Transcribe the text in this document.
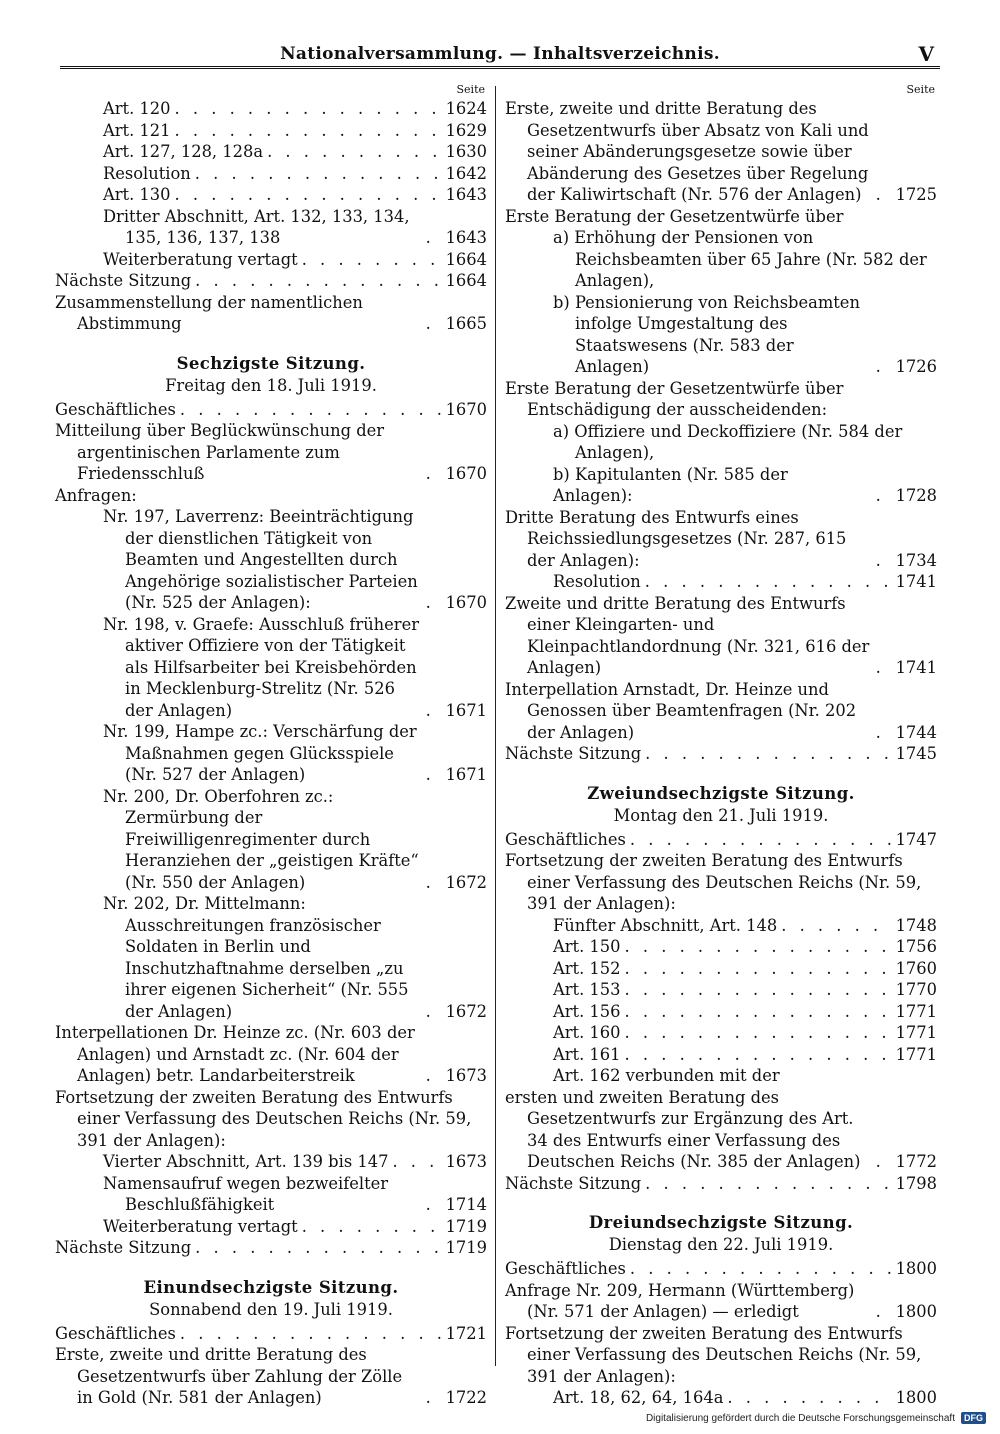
Nationalversammlung. — Inhaltsverzeichnis.	V
Seite
Art. 120 . . .	1624
Art. 121 . . .	1629
Art. 127, 128, 128a . . .	1630
Resolution . . .	1642
Art. 130 . . .	1643
Dritter Abschnitt, Art. 132, 133, 134, 135, 136, 137, 138 . . .	1643
Weiterberatung vertagt . . .	1664
Nächste Sitzung . . .	1664
Zusammenstellung der namentlichen Abstimmung . . .	1665
Sechzigste Sitzung.
Freitag den 18. Juli 1919.
Geschäftliches . . .	1670
Mitteilung über Beglückwünschung der argentinischen Parlamente zum Friedensschluß . . .	1670
Anfragen:
Nr. 197, Laverrenz: Beeinträchtigung der dienstlichen Tätigkeit von Beamten und Angestellten durch Angehörige sozialistischer Parteien (Nr. 525 der Anlagen): . . .	1670
Nr. 198, v. Graefe: Ausschluß früherer aktiver Offiziere von der Tätigkeit als Hilfsarbeiter bei Kreisbehörden in Mecklenburg-Strelitz (Nr. 526 der Anlagen) . . .	1671
Nr. 199, Hampe zc.: Verschärfung der Maßnahmen gegen Glücksspiele (Nr. 527 der Anlagen) . . .	1671
Nr. 200, Dr. Oberfohren zc.: Zermürbung der Freiwilligenregimenter durch Heranziehen der „geistigen Kräfte“ (Nr. 550 der Anlagen) . . .	1672
Nr. 202, Dr. Mittelmann: Ausschreitungen französischer Soldaten in Berlin und Inschutzhaftnahme derselben „zu ihrer eigenen Sicherheit“ (Nr. 555 der Anlagen) . . .	1672
Interpellationen Dr. Heinze zc. (Nr. 603 der Anlagen) und Arnstadt zc. (Nr. 604 der Anlagen) betr. Landarbeiterstreik . . .	1673
Fortsetzung der zweiten Beratung des Entwurfs einer Verfassung des Deutschen Reichs (Nr. 59, 391 der Anlagen):
Vierter Abschnitt, Art. 139 bis 147 . . .	1673
Namensaufruf wegen bezweifelter Beschlußfähigkeit . . .	1714
Weiterberatung vertagt . . .	1719
Nächste Sitzung . . .	1719
Einundsechzigste Sitzung.
Sonnabend den 19. Juli 1919.
Geschäftliches . . .	1721
Erste, zweite und dritte Beratung des Gesetzentwurfs über Zahlung der Zölle in Gold (Nr. 581 der Anlagen) . . .	1722
Seite
Erste, zweite und dritte Beratung des Gesetzentwurfs über Absatz von Kali und seiner Abänderungsgesetze sowie über Abänderung des Gesetzes über Regelung der Kaliwirtschaft (Nr. 576 der Anlagen) . . .	1725
Erste Beratung der Gesetzentwürfe über
a) Erhöhung der Pensionen von Reichsbeamten über 65 Jahre (Nr. 582 der Anlagen),
b) Pensionierung von Reichsbeamten infolge Umgestaltung des Staatswesens (Nr. 583 der Anlagen) . . .	1726
Erste Beratung der Gesetzentwürfe über Entschädigung der ausscheidenden:
a) Offiziere und Deckoffiziere (Nr. 584 der Anlagen),
b) Kapitulanten (Nr. 585 der Anlagen): . . .	1728
Dritte Beratung des Entwurfs eines Reichssiedlungsgesetzes (Nr. 287, 615 der Anlagen): . . .	1734
Resolution . . .	1741
Zweite und dritte Beratung des Entwurfs einer Kleingarten- und Kleinpachtlandordnung (Nr. 321, 616 der Anlagen) . . .	1741
Interpellation Arnstadt, Dr. Heinze und Genossen über Beamtenfragen (Nr. 202 der Anlagen) . . .	1744
Nächste Sitzung . . .	1745
Zweiundsechzigste Sitzung.
Montag den 21. Juli 1919.
Geschäftliches . . .	1747
Fortsetzung der zweiten Beratung des Entwurfs einer Verfassung des Deutschen Reichs (Nr. 59, 391 der Anlagen):
Fünfter Abschnitt, Art. 148 . . .	1748
Art. 150 . . .	1756
Art. 152 . . .	1760
Art. 153 . . .	1770
Art. 156 . . .	1771
Art. 160 . . .	1771
Art. 161 . . .	1771
Art. 162 verbunden mit der
ersten und zweiten Beratung des Gesetzentwurfs zur Ergänzung des Art. 34 des Entwurfs einer Verfassung des Deutschen Reichs (Nr. 385 der Anlagen) . . .	1772
Nächste Sitzung . . .	1798
Dreiundsechzigste Sitzung.
Dienstag den 22. Juli 1919.
Geschäftliches . . .	1800
Anfrage Nr. 209, Hermann (Württemberg) (Nr. 571 der Anlagen) — erledigt . . .	1800
Fortsetzung der zweiten Beratung des Entwurfs einer Verfassung des Deutschen Reichs (Nr. 59, 391 der Anlagen):
Art. 18, 62, 64, 164a . . .	1800
Digitalisierung gefördert durch die Deutsche Forschungsgemeinschaft	DFG
